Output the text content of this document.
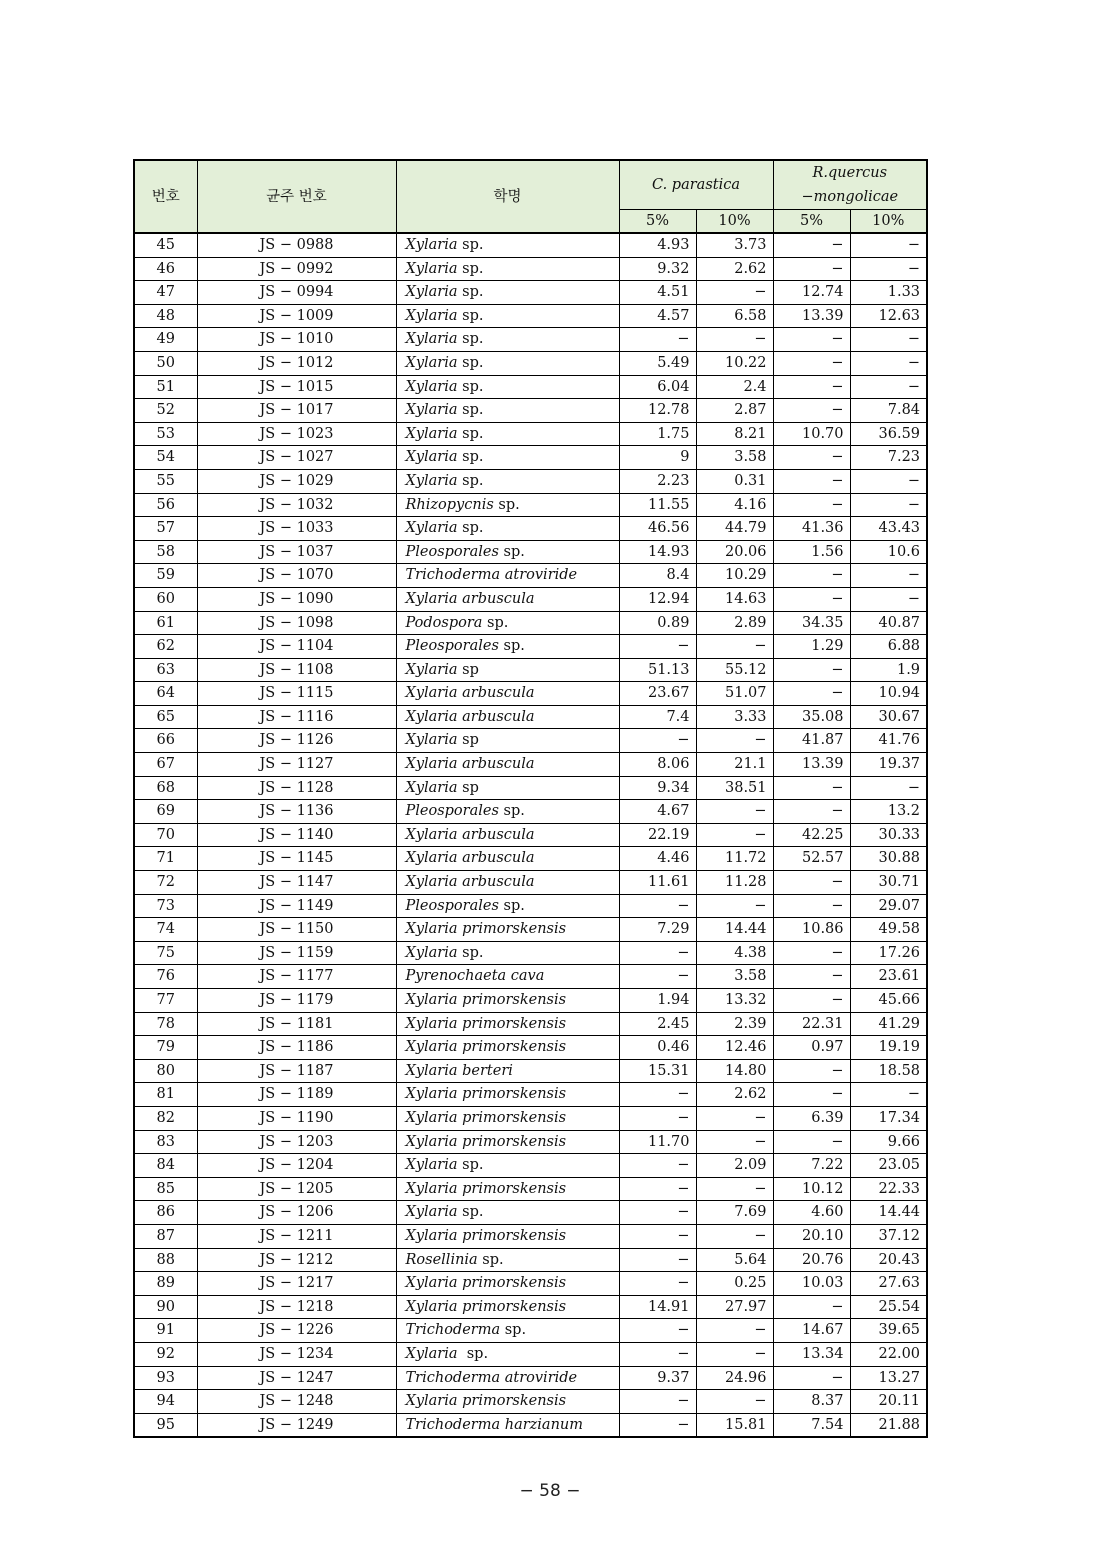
번호	균주 번호	학명	C. parastica		R.quercus
−mongolicae	
			5%	10%	5%	10%
45	JS − 0988	Xylaria sp.	4.93	3.73	−	−
46	JS − 0992	Xylaria sp.	9.32	2.62	−	−
47	JS − 0994	Xylaria sp.	4.51	−	12.74	1.33
48	JS − 1009	Xylaria sp.	4.57	6.58	13.39	12.63
49	JS − 1010	Xylaria sp.	−	−	−	−
50	JS − 1012	Xylaria sp.	5.49	10.22	−	−
51	JS − 1015	Xylaria sp.	6.04	2.4	−	−
52	JS − 1017	Xylaria sp.	12.78	2.87	−	7.84
53	JS − 1023	Xylaria sp.	1.75	8.21	10.70	36.59
54	JS − 1027	Xylaria sp.	9	3.58	−	7.23
55	JS − 1029	Xylaria sp.	2.23	0.31	−	−
56	JS − 1032	Rhizopycnis sp.	11.55	4.16	−	−
57	JS − 1033	Xylaria sp.	46.56	44.79	41.36	43.43
58	JS − 1037	Pleosporales sp.	14.93	20.06	1.56	10.6
59	JS − 1070	Trichoderma atroviride	8.4	10.29	−	−
60	JS − 1090	Xylaria arbuscula	12.94	14.63	−	−
61	JS − 1098	Podospora sp.	0.89	2.89	34.35	40.87
62	JS − 1104	Pleosporales sp.	−	−	1.29	6.88
63	JS − 1108	Xylaria sp	51.13	55.12	−	1.9
64	JS − 1115	Xylaria arbuscula	23.67	51.07	−	10.94
65	JS − 1116	Xylaria arbuscula	7.4	3.33	35.08	30.67
66	JS − 1126	Xylaria sp	−	−	41.87	41.76
67	JS − 1127	Xylaria arbuscula	8.06	21.1	13.39	19.37
68	JS − 1128	Xylaria sp	9.34	38.51	−	−
69	JS − 1136	Pleosporales sp.	4.67	−	−	13.2
70	JS − 1140	Xylaria arbuscula	22.19	−	42.25	30.33
71	JS − 1145	Xylaria arbuscula	4.46	11.72	52.57	30.88
72	JS − 1147	Xylaria arbuscula	11.61	11.28	−	30.71
73	JS − 1149	Pleosporales sp.	−	−	−	29.07
74	JS − 1150	Xylaria primorskensis	7.29	14.44	10.86	49.58
75	JS − 1159	Xylaria sp.	−	4.38	−	17.26
76	JS − 1177	Pyrenochaeta cava	−	3.58	−	23.61
77	JS − 1179	Xylaria primorskensis	1.94	13.32	−	45.66
78	JS − 1181	Xylaria primorskensis	2.45	2.39	22.31	41.29
79	JS − 1186	Xylaria primorskensis	0.46	12.46	0.97	19.19
80	JS − 1187	Xylaria berteri	15.31	14.80	−	18.58
81	JS − 1189	Xylaria primorskensis	−	2.62	−	−
82	JS − 1190	Xylaria primorskensis	−	−	6.39	17.34
83	JS − 1203	Xylaria primorskensis	11.70	−	−	9.66
84	JS − 1204	Xylaria sp.	−	2.09	7.22	23.05
85	JS − 1205	Xylaria primorskensis	−	−	10.12	22.33
86	JS − 1206	Xylaria sp.	−	7.69	4.60	14.44
87	JS − 1211	Xylaria primorskensis	−	−	20.10	37.12
88	JS − 1212	Rosellinia sp.	−	5.64	20.76	20.43
89	JS − 1217	Xylaria primorskensis	−	0.25	10.03	27.63
90	JS − 1218	Xylaria primorskensis	14.91	27.97	−	25.54
91	JS − 1226	Trichoderma sp.	−	−	14.67	39.65
92	JS − 1234	Xylaria  sp.	−	−	13.34	22.00
93	JS − 1247	Trichoderma atroviride	9.37	24.96	−	13.27
94	JS − 1248	Xylaria primorskensis	−	−	8.37	20.11
95	JS − 1249	Trichoderma harzianum	−	15.81	7.54	21.88
− 58 −
